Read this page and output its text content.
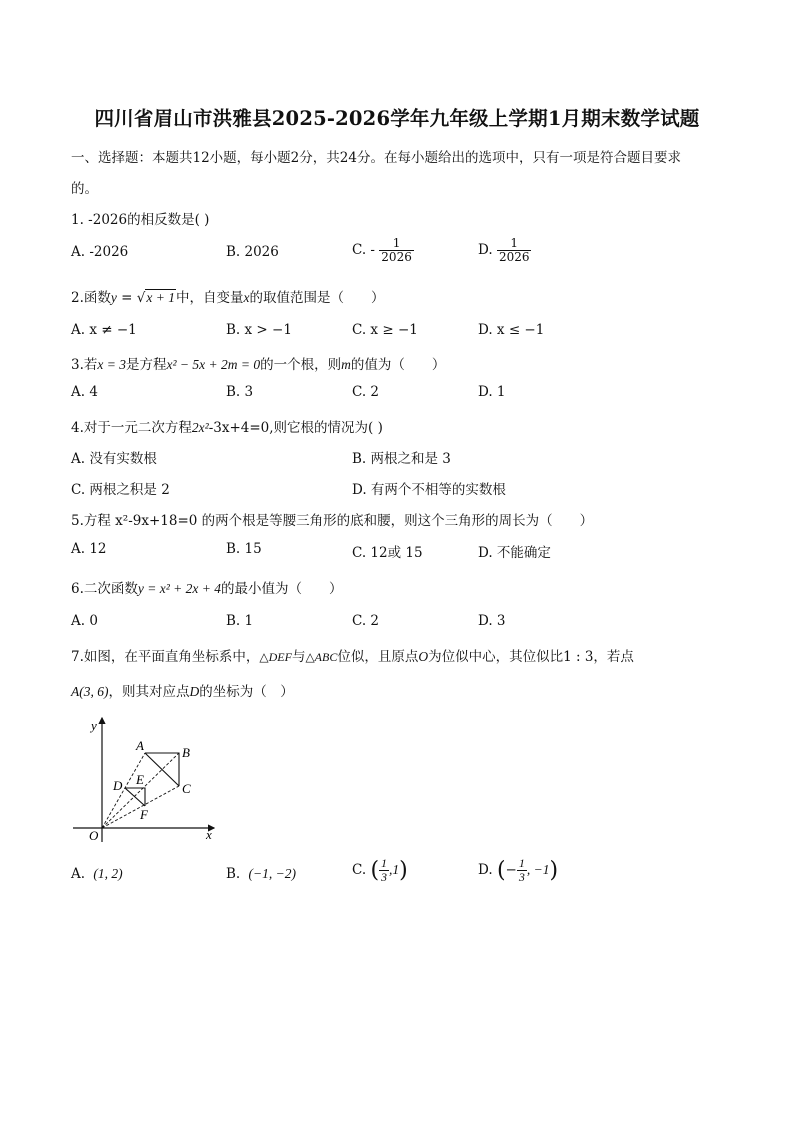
四川省眉山市洪雅县2025-2026学年九年级上学期1月期末数学试题
一、选择题：本题共12小题，每小题2分，共24分。在每小题给出的选项中，只有一项是符合题目要求
的。
1. -2026的相反数是( )
A. -2026	B. 2026	C. - $\frac{1}{2026}$	D. $\frac{1}{2026}$
2.函数y = √x + 1中，自变量x的取值范围是（　　）
A. x ≠ −1	B. x > −1	C. x ≥ −1	D. x ≤ −1
3.若x = 3是方程x² − 5x + 2m = 0的一个根，则m的值为（　　）
A. 4	B. 3	C. 2	D. 1
4.对于一元二次方程2x²-3x+4=0,则它根的情况为( )
A. 没有实数根	B. 两根之和是 3
C. 两根之积是 2	D. 有两个不相等的实数根
5.方程 x²-9x+18=0 的两个根是等腰三角形的底和腰，则这个三角形的周长为（　　）
A. 12	B. 15	C. 12或 15	D. 不能确定
6.二次函数y = x² + 2x + 4的最小值为（　　）
A. 0	B. 1	C. 2	D. 3
7.如图，在平面直角坐标系中，△DEF与△ABC位似，且原点O为位似中心，其位似比1 : 3，若点
A(3, 6)，则其对应点D的坐标为（　）
y
x
O
A	B
C
D E
F
A. (1, 2)	B. (−1, −2)	C. ( $\frac{1}{3} ,1$)	D. (− $\frac{1}{3}$ , −1)
